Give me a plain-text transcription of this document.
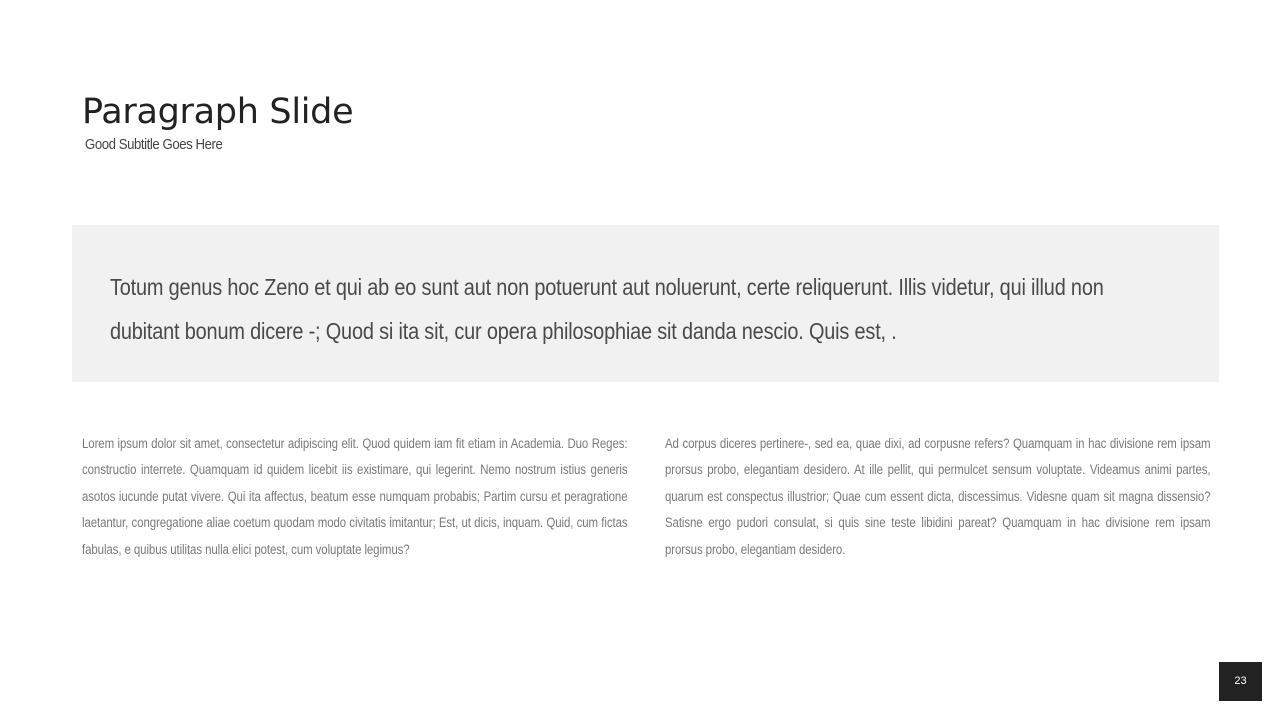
Paragraph Slide

Good Subtitle Goes Here

Totum genus hoc Zeno et qui ab eo sunt aut non potuerunt aut noluerunt, certe reliquerunt. Illis videtur, qui illud non dubitant bonum dicere -; Quod si ita sit, cur opera philosophiae sit danda nescio. Quis est, .

Lorem ipsum dolor sit amet, consectetur adipiscing elit. Quod quidem iam fit etiam in Academia. Duo Reges: constructio interrete. Quamquam id quidem licebit iis existimare, qui legerint. Nemo nostrum istius generis asotos iucunde putat vivere. Qui ita affectus, beatum esse numquam probabis; Partim cursu et peragratione laetantur, congregatione aliae coetum quodam modo civitatis imitantur; Est, ut dicis, inquam. Quid, cum fictas fabulas, e quibus utilitas nulla elici potest, cum voluptate legimus?

Ad corpus diceres pertinere-, sed ea, quae dixi, ad corpusne refers? Quamquam in hac divisione rem ipsam prorsus probo, elegantiam desidero. At ille pellit, qui permulcet sensum voluptate. Videamus animi partes, quarum est conspectus illustrior; Quae cum essent dicta, discessimus. Videsne quam sit magna dissensio? Satisne ergo pudori consulat, si quis sine teste libidini pareat? Quamquam in hac divisione rem ipsam prorsus probo, elegantiam desidero.

23
